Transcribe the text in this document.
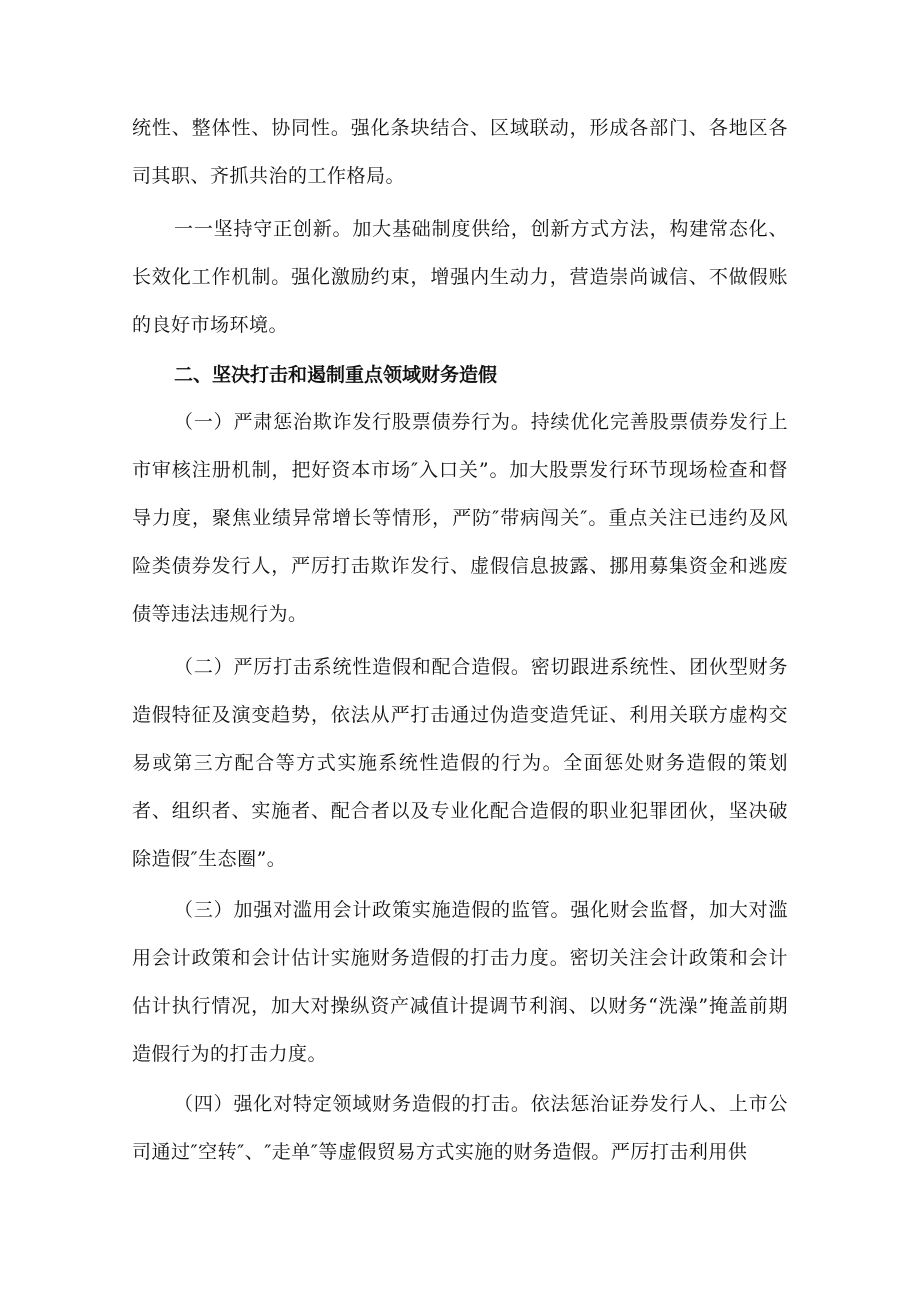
统性、整体性、协同性。强化条块结合、区域联动，形成各部门、各地区各司其职、齐抓共治的工作格局。

一一坚持守正创新。加大基础制度供给，创新方式方法，构建常态化、长效化工作机制。强化激励约束，增强内生动力，营造崇尚诚信、不做假账的良好市场环境。

二、坚决打击和遏制重点领域财务造假

（一）严肃惩治欺诈发行股票债券行为。持续优化完善股票债券发行上市审核注册机制，把好资本市场″入口关”。加大股票发行环节现场检查和督导力度，聚焦业绩异常增长等情形，严防″带病闯关″。重点关注已违约及风险类债券发行人，严厉打击欺诈发行、虚假信息披露、挪用募集资金和逃废债等违法违规行为。

（二）严厉打击系统性造假和配合造假。密切跟进系统性、团伙型财务造假特征及演变趋势，依法从严打击通过伪造变造凭证、利用关联方虚构交易或第三方配合等方式实施系统性造假的行为。全面惩处财务造假的策划者、组织者、实施者、配合者以及专业化配合造假的职业犯罪团伙，坚决破除造假″生态圈”。

（三）加强对滥用会计政策实施造假的监管。强化财会监督，加大对滥用会计政策和会计估计实施财务造假的打击力度。密切关注会计政策和会计估计执行情况，加大对操纵资产减值计提调节利润、以财务“洗澡”掩盖前期造假行为的打击力度。

（四）强化对特定领域财务造假的打击。依法惩治证券发行人、上市公司通过″空转″、″走单″等虚假贸易方式实施的财务造假。严厉打击利用供
